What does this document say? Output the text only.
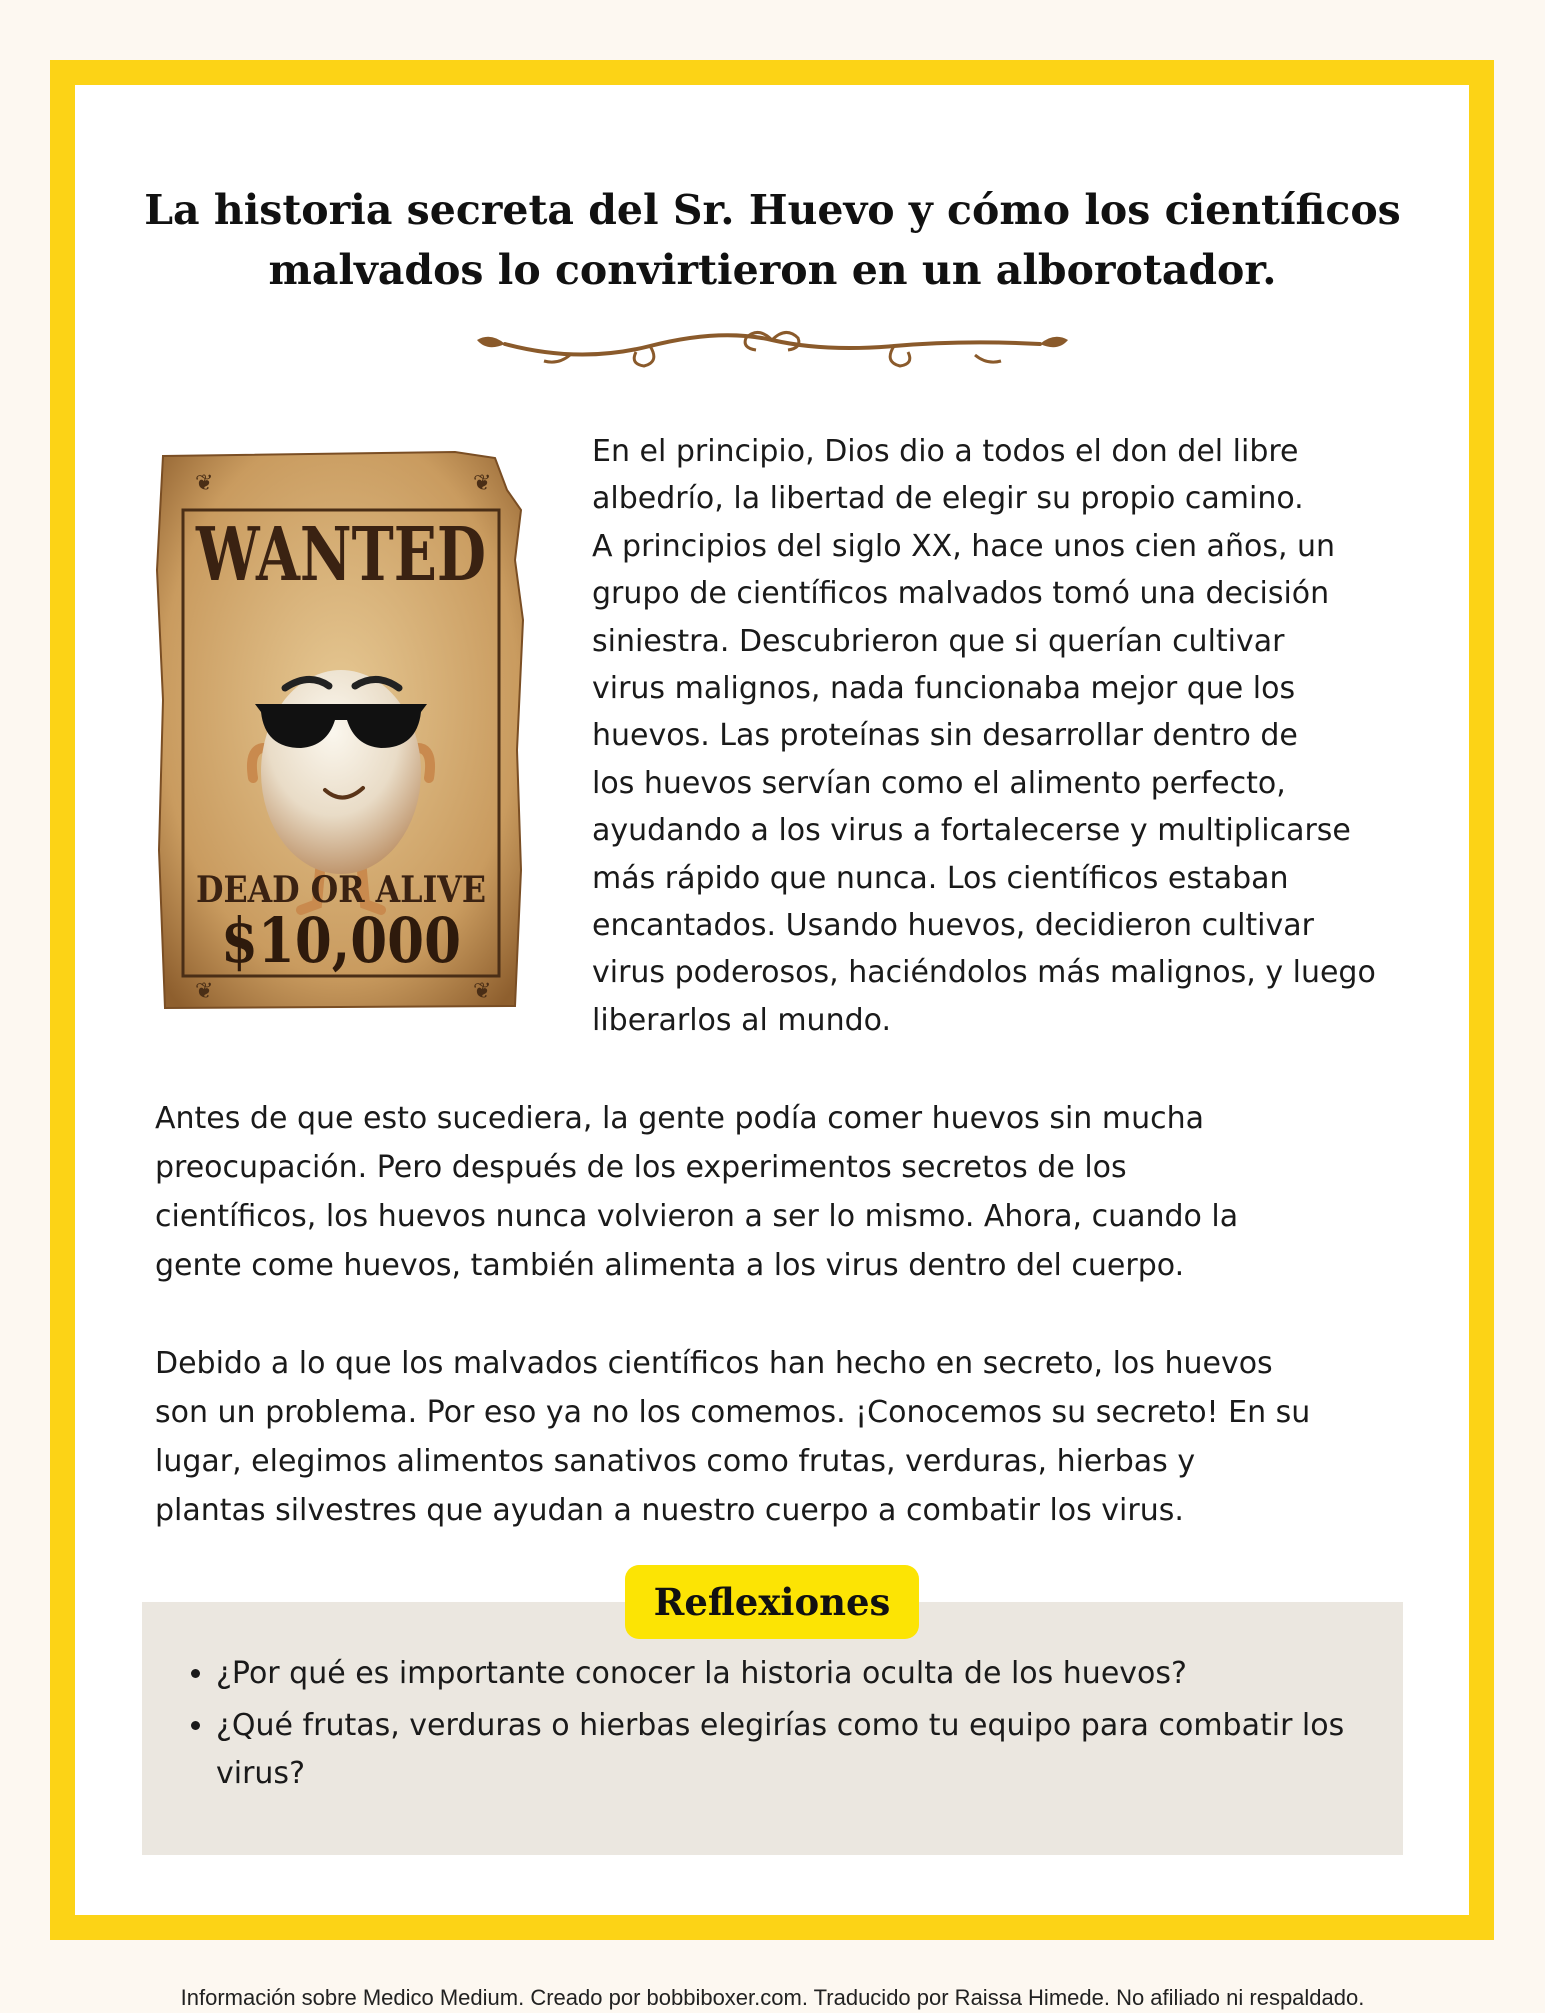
La historia secreta del Sr. Huevo y cómo los científicos malvados lo convirtieron en un alborotador.
❦	❦
❦	❦
WANTED
DEAD OR ALIVE
$10,000

En el principio, Dios dio a todos el don del libre
albedrío, la libertad de elegir su propio camino.
A principios del siglo XX, hace unos cien años, un
grupo de científicos malvados tomó una decisión
siniestra. Descubrieron que si querían cultivar
virus malignos, nada funcionaba mejor que los
huevos. Las proteínas sin desarrollar dentro de
los huevos servían como el alimento perfecto,
ayudando a los virus a fortalecerse y multiplicarse
más rápido que nunca. Los científicos estaban
encantados. Usando huevos, decidieron cultivar
virus poderosos, haciéndolos más malignos, y luego
liberarlos al mundo.

Antes de que esto sucediera, la gente podía comer huevos sin mucha
preocupación. Pero después de los experimentos secretos de los
científicos, los huevos nunca volvieron a ser lo mismo. Ahora, cuando la
gente come huevos, también alimenta a los virus dentro del cuerpo.

Debido a lo que los malvados científicos han hecho en secreto, los huevos
son un problema. Por eso ya no los comemos. ¡Conocemos su secreto! En su
lugar, elegimos alimentos sanativos como frutas, verduras, hierbas y
plantas silvestres que ayudan a nuestro cuerpo a combatir los virus.

Reflexiones
• ¿Por qué es importante conocer la historia oculta de los huevos?
• ¿Qué frutas, verduras o hierbas elegirías como tu equipo para combatir los virus?
Información sobre Medico Medium. Creado por bobbiboxer.com. Traducido por Raissa Himede. No afiliado ni respaldado.
